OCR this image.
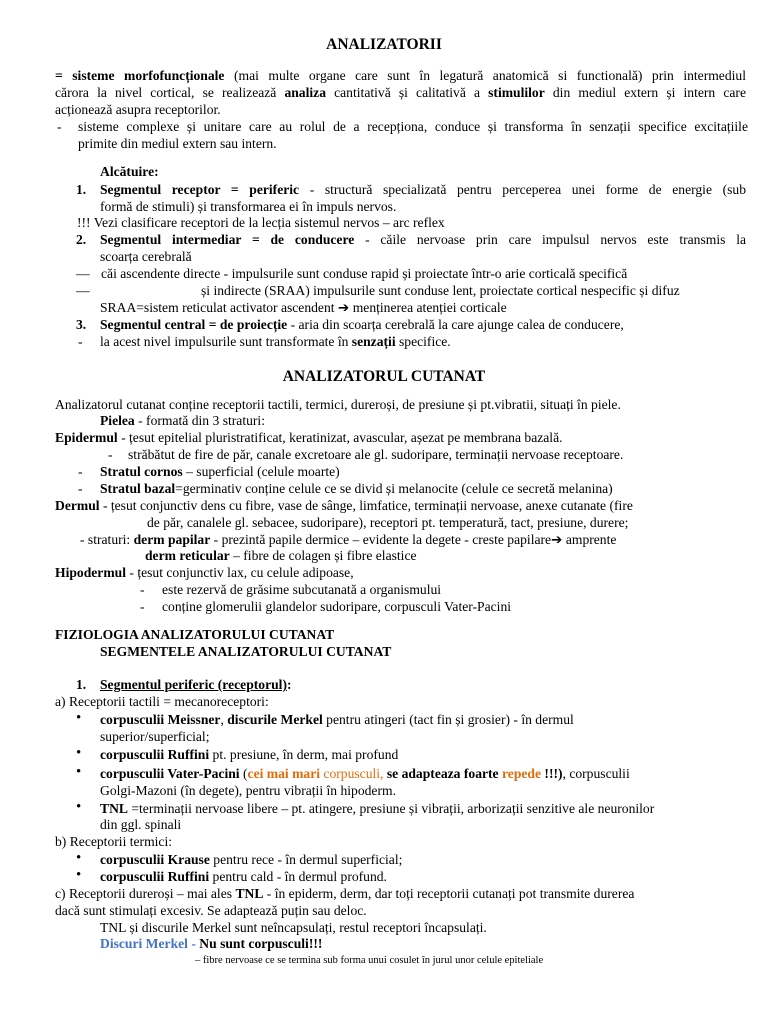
ANALIZATORII
= sisteme morfofuncționale (mai multe organe care sunt în legatură anatomică si functională) prin intermediul
cărora la nivel cortical, se realizează analiza cantitativă și calitativă a stimulilor din mediul extern și intern care
acționează asupra receptorilor.
- sisteme complexe și unitare care au rolul de a recepționa, conduce și transforma în senzații specifice excitațiile
primite din mediul extern sau intern.
Alcătuire:
1. Segmentul receptor = periferic - structură specializată pentru perceperea unei forme de energie (sub
formă de stimuli) și transformarea ei în impuls nervos.
!!! Vezi clasificare receptori de la lecția sistemul nervos – arc reflex
2. Segmentul intermediar = de conducere - căile nervoase prin care impulsul nervos este transmis la
scoarța cerebrală
— căi ascendente directe - impulsurile sunt conduse rapid și proiectate într-o arie corticală specifică
—	și indirecte (SRAA) impulsurile sunt conduse lent, proiectate cortical nespecific și difuz
SRAA=sistem reticulat activator ascendent ➔ menținerea atenției corticale
3. Segmentul central = de proiecție - aria din scoarța cerebrală la care ajunge calea de conducere,
- la acest nivel impulsurile sunt transformate în senzații specifice.
ANALIZATORUL CUTANAT
Analizatorul cutanat conține receptorii tactili, termici, dureroși, de presiune și pt.vibratii, situați în piele.
Pielea - formată din 3 straturi:
Epidermul - țesut epitelial pluristratificat, keratinizat, avascular, așezat pe membrana bazală.
- străbătut de fire de păr, canale excretoare ale gl. sudoripare, terminații nervoase receptoare.
- Stratul cornos – superficial (celule moarte)
- Stratul bazal=germinativ conține celule ce se divid și melanocite (celule ce secretă melanina)
Dermul - țesut conjunctiv dens cu fibre, vase de sânge, limfatice, terminații nervoase, anexe cutanate (fire
de păr, canalele gl. sebacee, sudoripare), receptori pt. temperatură, tact, presiune, durere;
- straturi: derm papilar - prezintă papile dermice – evidente la degete - creste papilare➔ amprente
derm reticular – fibre de colagen și fibre elastice
Hipodermul - țesut conjunctiv lax, cu celule adipoase,
- este rezervă de grăsime subcutanată a organismului
- conține glomerulii glandelor sudoripare, corpusculi Vater-Pacini
FIZIOLOGIA ANALIZATORULUI CUTANAT
SEGMENTELE ANALIZATORULUI CUTANAT
1. Segmentul periferic (receptorul):
a) Receptorii tactili = mecanoreceptori:
• corpusculii Meissner, discurile Merkel pentru atingeri (tact fin și grosier) - în dermul
superior/superficial;
• corpusculii Ruffini pt. presiune, în derm, mai profund
• corpusculii Vater-Pacini (cei mai mari corpusculi, se adapteaza foarte repede !!!), corpusculii
Golgi-Mazoni (în degete), pentru vibrații în hipoderm.
• TNL =terminații nervoase libere – pt. atingere, presiune și vibrații, arborizații senzitive ale neuronilor
din ggl. spinali
b) Receptorii termici:
• corpusculii Krause pentru rece - în dermul superficial;
• corpusculii Ruffini pentru cald - în dermul profund.
c) Receptorii dureroși – mai ales TNL - în epiderm, derm, dar toți receptorii cutanați pot transmite durerea
dacă sunt stimulați excesiv. Se adaptează puțin sau deloc.
TNL și discurile Merkel sunt neîncapsulați, restul receptori încapsulați.
Discuri Merkel - Nu sunt corpusculi!!!
– fibre nervoase ce se termina sub forma unui cosulet în jurul unor celule epiteliale
